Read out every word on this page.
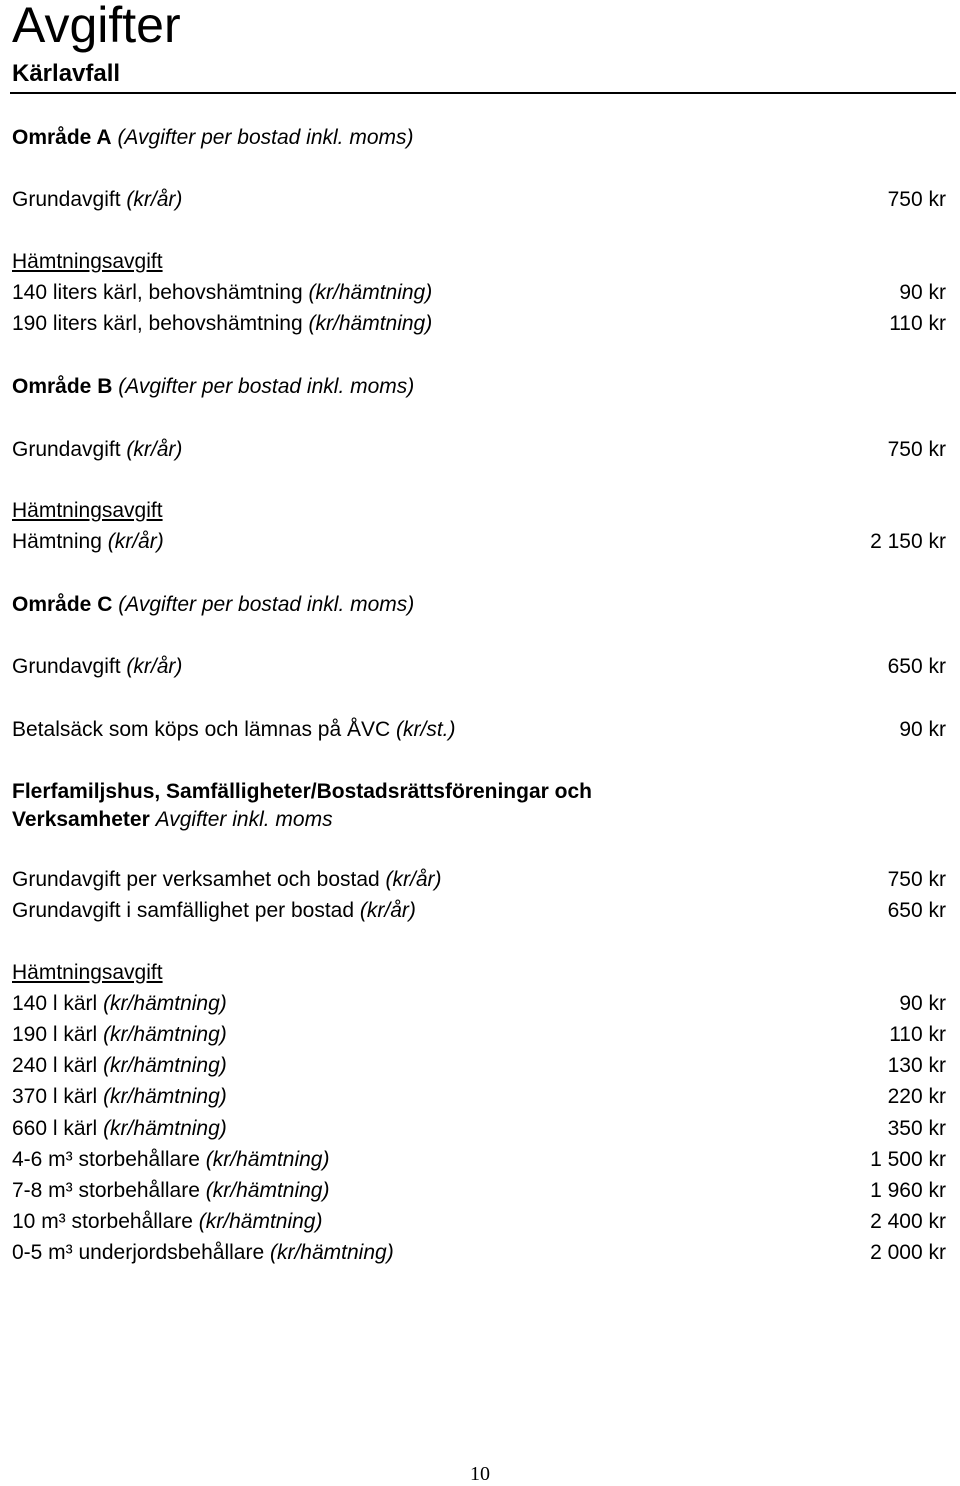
Avgifter
Kärlavfall
Område A (Avgifter per bostad inkl. moms)
Grundavgift (kr/år)	750 kr
Hämtningsavgift
140 liters kärl, behovshämtning (kr/hämtning)	90 kr
190 liters kärl, behovshämtning (kr/hämtning)	110 kr
Område B (Avgifter per bostad inkl. moms)
Grundavgift (kr/år)	750 kr
Hämtningsavgift
Hämtning (kr/år)	2 150 kr
Område C (Avgifter per bostad inkl. moms)
Grundavgift (kr/år)	650 kr
Betalsäck som köps och lämnas på ÅVC (kr/st.)	90 kr
Flerfamiljshus, Samfälligheter/Bostadsrättsföreningar och
Verksamheter Avgifter inkl. moms
Grundavgift per verksamhet och bostad (kr/år)	750 kr
Grundavgift i samfällighet per bostad (kr/år)	650 kr
Hämtningsavgift
140 l kärl (kr/hämtning)	90 kr
190 l kärl (kr/hämtning)	110 kr
240 l kärl (kr/hämtning)	130 kr
370 l kärl (kr/hämtning)	220 kr
660 l kärl (kr/hämtning)	350 kr
4-6 m³ storbehållare (kr/hämtning)	1 500 kr
7-8 m³ storbehållare (kr/hämtning)	1 960 kr
10 m³ storbehållare (kr/hämtning)	2 400 kr
0-5 m³ underjordsbehållare (kr/hämtning)	2 000 kr
10
